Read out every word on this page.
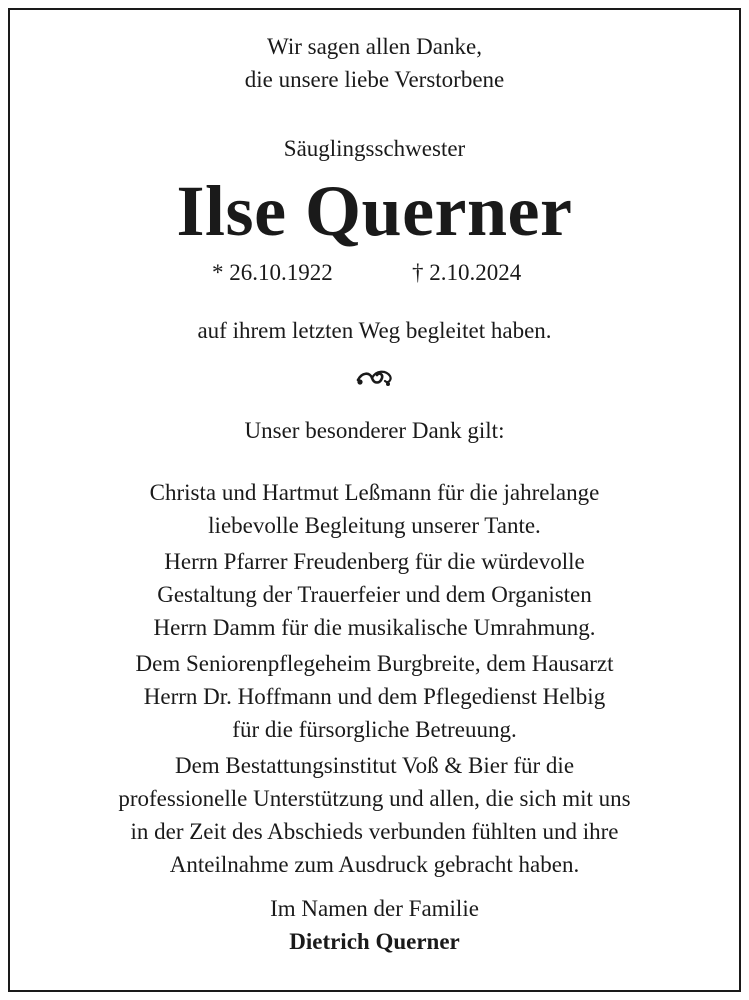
Wir sagen allen Danke,
die unsere liebe Verstorbene
Säuglingsschwester
Ilse Querner
* 26.10.1922	† 2.10.2024
auf ihrem letzten Weg begleitet haben.
Unser besonderer Dank gilt:
Christa und Hartmut Leßmann für die jahrelange
liebevolle Begleitung unserer Tante.
Herrn Pfarrer Freudenberg für die würdevolle
Gestaltung der Trauerfeier und dem Organisten
Herrn Damm für die musikalische Umrahmung.
Dem Seniorenpflegeheim Burgbreite, dem Hausarzt
Herrn Dr. Hoffmann und dem Pflegedienst Helbig
für die fürsorgliche Betreuung.
Dem Bestattungsinstitut Voß & Bier für die
professionelle Unterstützung und allen, die sich mit uns
in der Zeit des Abschieds verbunden fühlten und ihre
Anteilnahme zum Ausdruck gebracht haben.
Im Namen der Familie
Dietrich Querner
